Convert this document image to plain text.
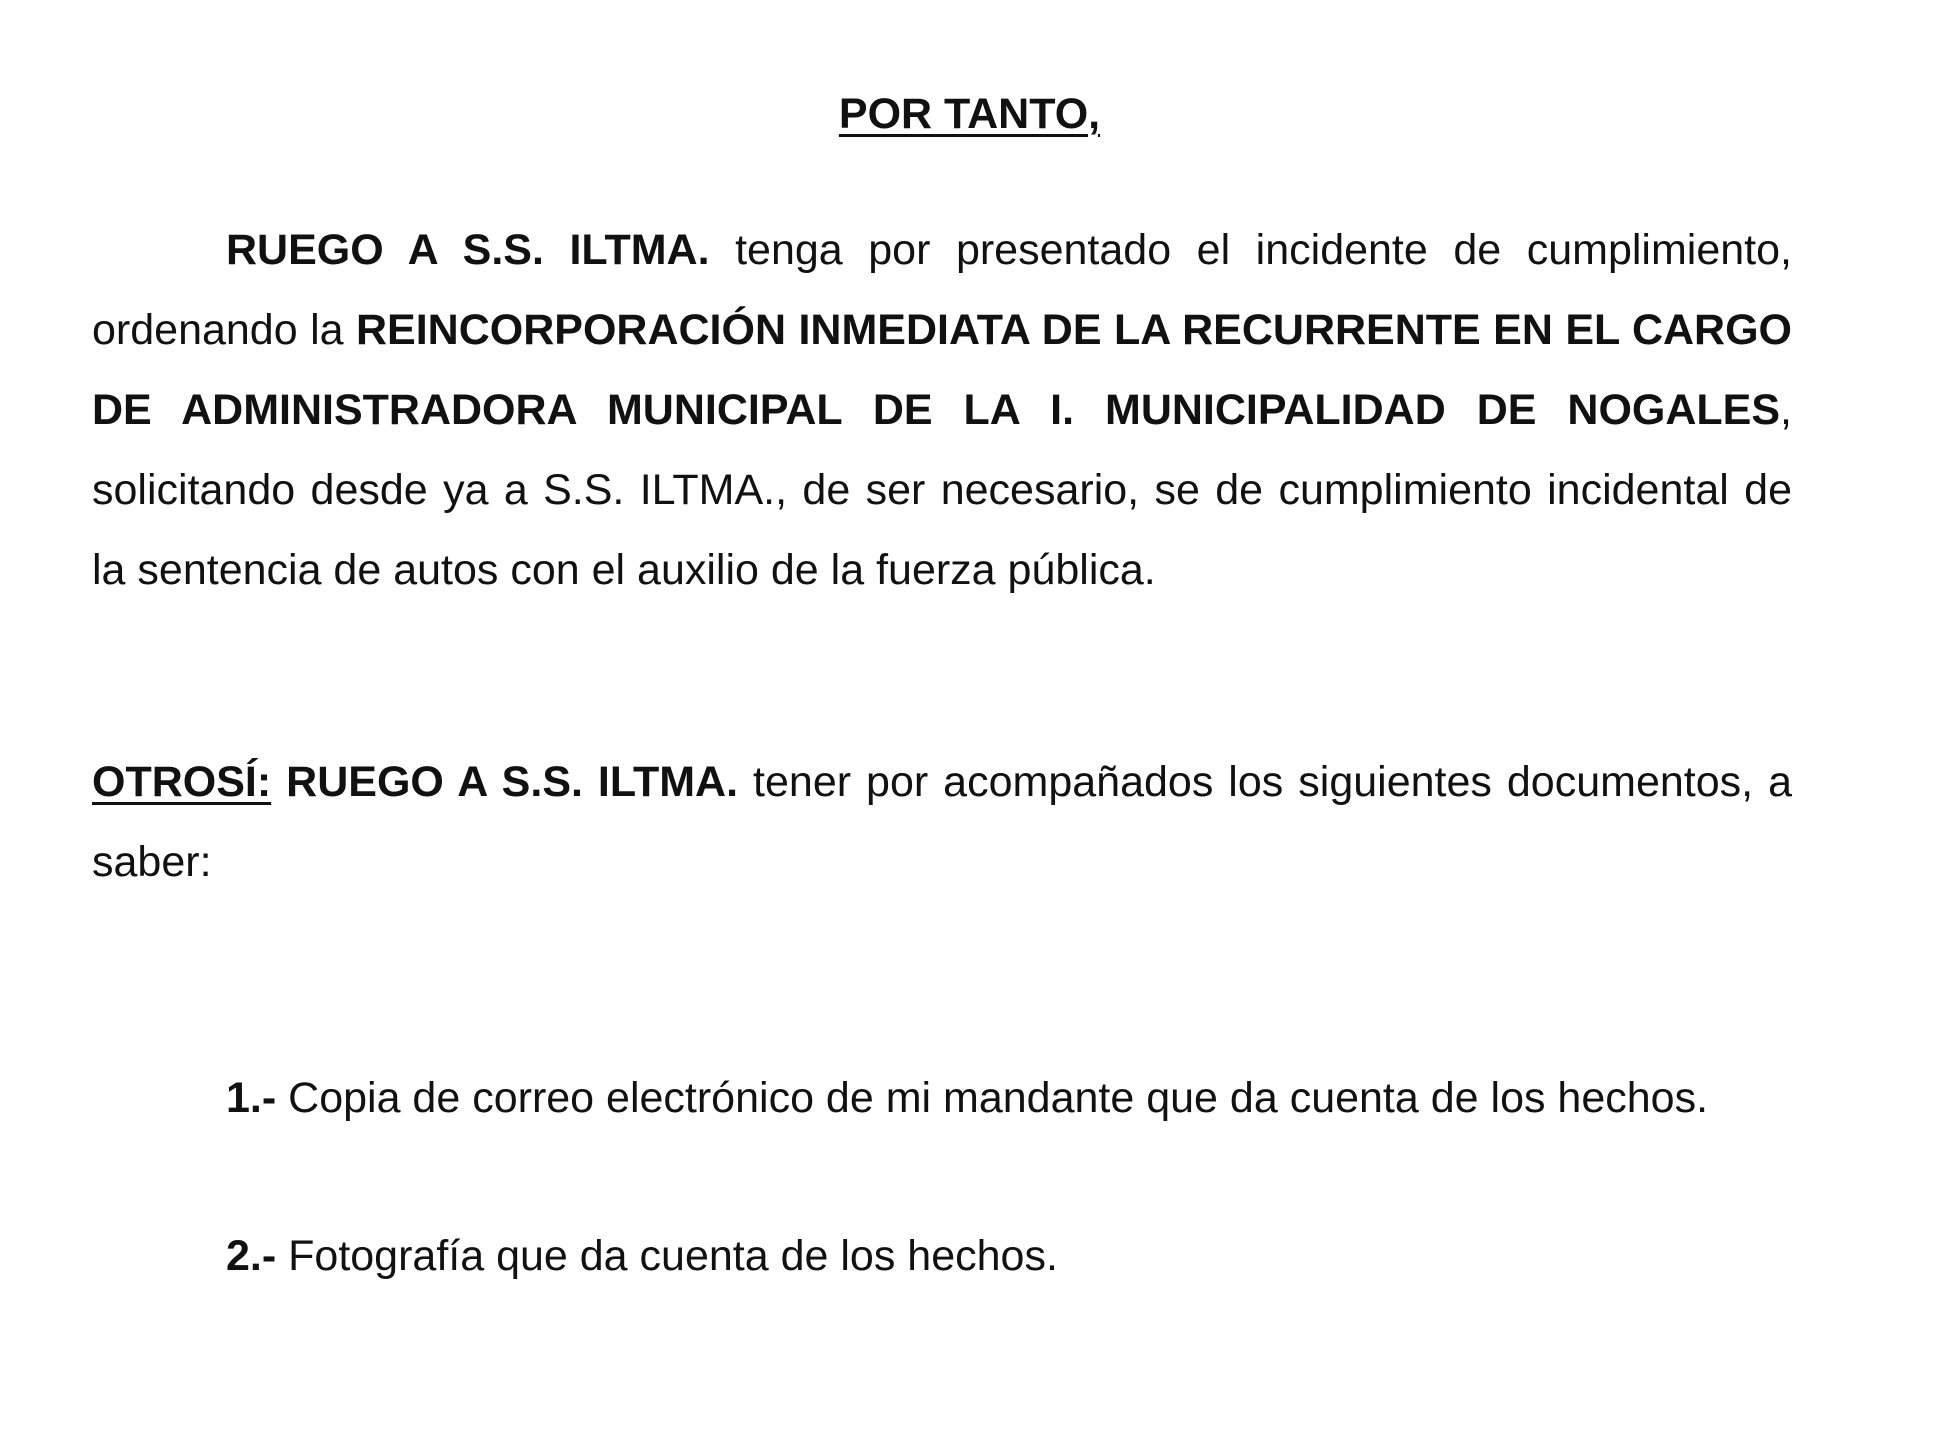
POR TANTO,

RUEGO A S.S. ILTMA. tenga por presentado el incidente de cumplimiento, ordenando la REINCORPORACIÓN INMEDIATA DE LA RECURRENTE EN EL CARGO DE ADMINISTRADORA MUNICIPAL DE LA I. MUNICIPALIDAD DE NOGALES, solicitando desde ya a S.S. ILTMA., de ser necesario, se de cumplimiento incidental de la sentencia de autos con el auxilio de la fuerza pública.

OTROSÍ: RUEGO A S.S. ILTMA. tener por acompañados los siguientes documentos, a saber:

1.- Copia de correo electrónico de mi mandante que da cuenta de los hechos.
2.- Fotografía que da cuenta de los hechos.
